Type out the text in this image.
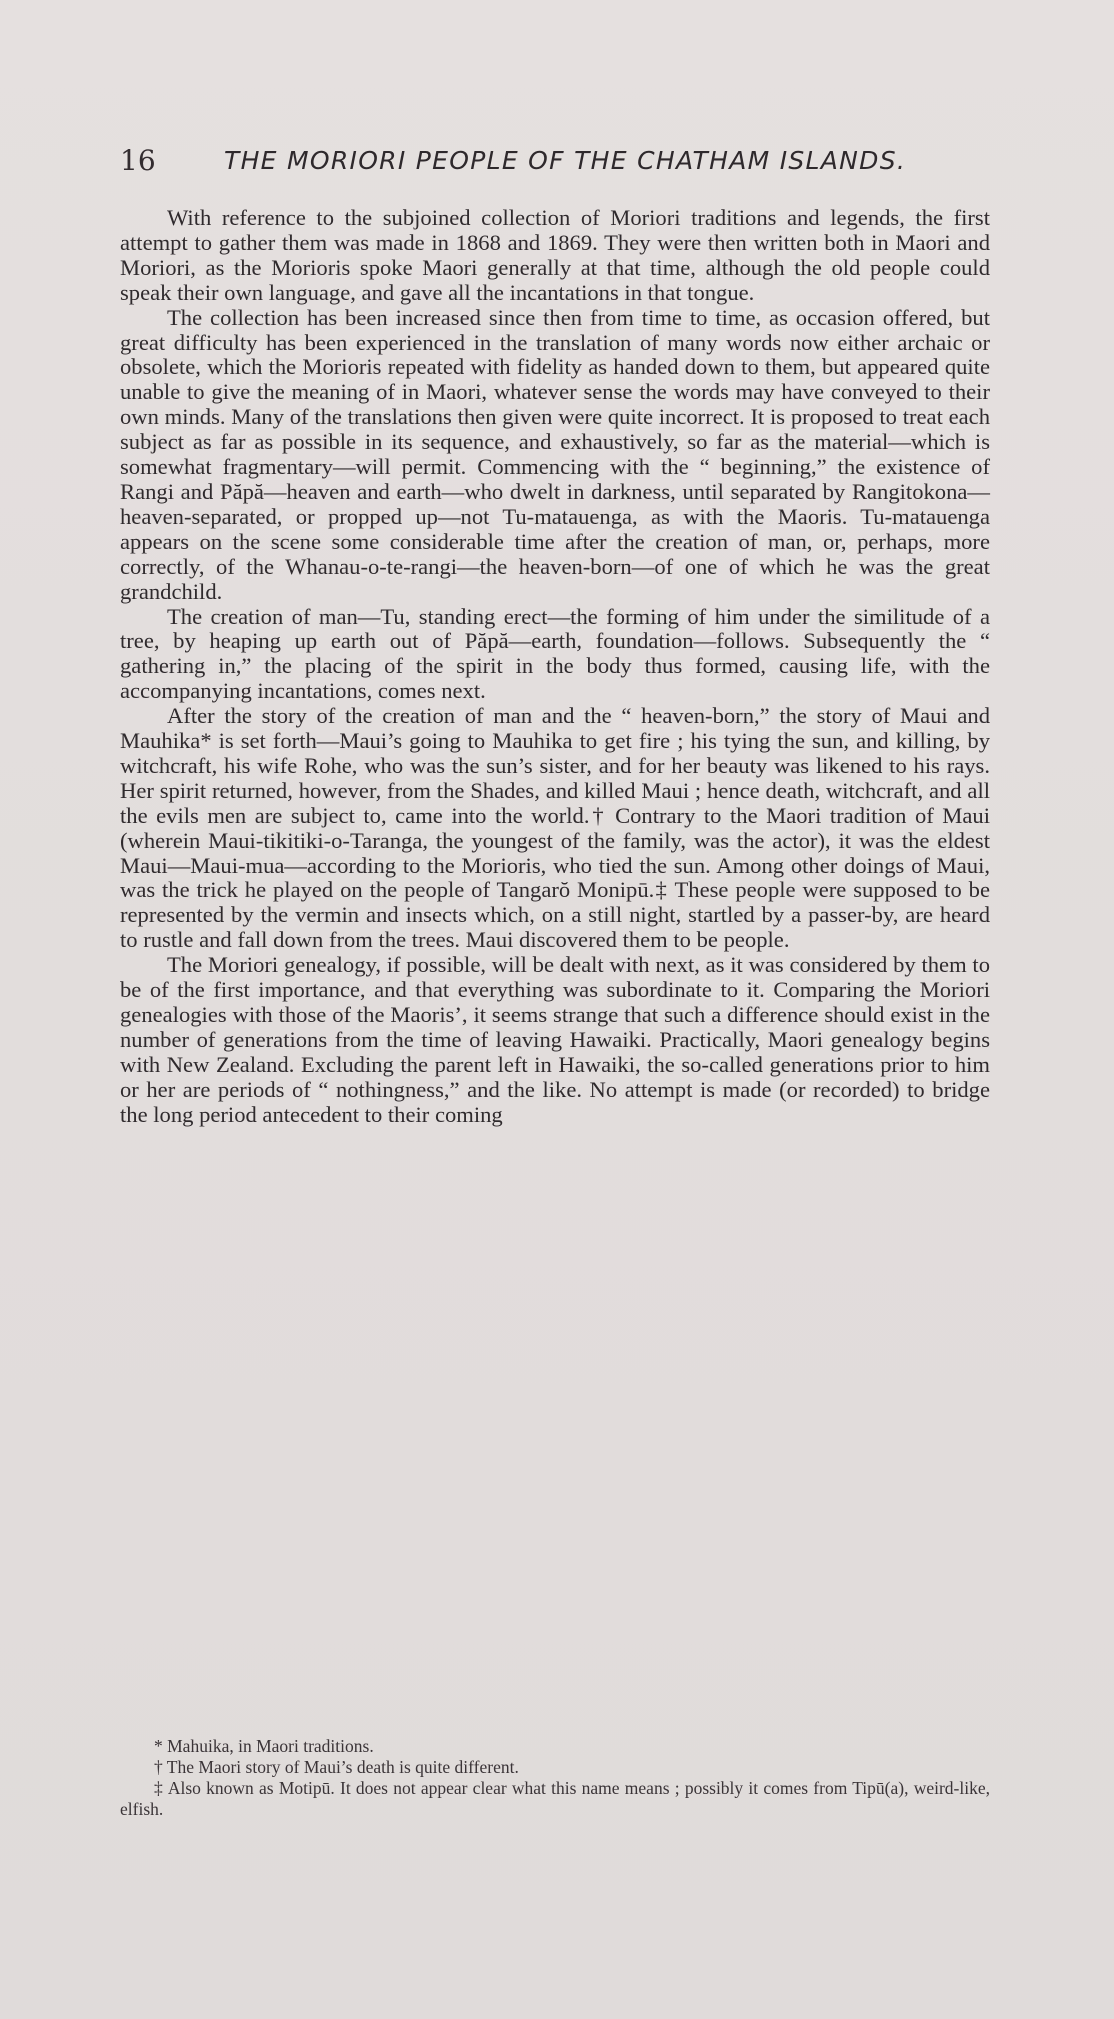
16	THE MORIORI PEOPLE OF THE CHATHAM ISLANDS.

With reference to the subjoined collection of Moriori traditions and legends, the first attempt to gather them was made in 1868 and 1869. They were then written both in Maori and Moriori, as the Morioris spoke Maori generally at that time, although the old people could speak their own language, and gave all the incantations in that tongue.

The collection has been increased since then from time to time, as occasion offered, but great difficulty has been experienced in the translation of many words now either archaic or obsolete, which the Morioris repeated with fidelity as handed down to them, but appeared quite unable to give the meaning of in Maori, whatever sense the words may have conveyed to their own minds. Many of the translations then given were quite incorrect. It is proposed to treat each subject as far as possible in its sequence, and exhaustively, so far as the material—which is somewhat fragmentary—will permit. Commencing with the “ beginning,” the existence of Rangi and Păpă—heaven and earth—who dwelt in darkness, until separated by Rangitokona—heaven-separated, or propped up—not Tu-matauenga, as with the Maoris. Tu-matauenga appears on the scene some considerable time after the creation of man, or, perhaps, more correctly, of the Whanau-o-te-rangi—the heaven-born—of one of which he was the great grandchild.

The creation of man—Tu, standing erect—the forming of him under the similitude of a tree, by heaping up earth out of Păpă—earth, foundation—follows. Subsequently the “ gathering in,” the placing of the spirit in the body thus formed, causing life, with the accompanying incantations, comes next.

After the story of the creation of man and the “ heaven-born,” the story of Maui and Mauhika* is set forth—Maui’s going to Mauhika to get fire ; his tying the sun, and killing, by witchcraft, his wife Rohe, who was the sun’s sister, and for her beauty was likened to his rays. Her spirit returned, however, from the Shades, and killed Maui ; hence death, witchcraft, and all the evils men are subject to, came into the world.† Contrary to the Maori tradition of Maui (wherein Maui-tikitiki-o-Taranga, the youngest of the family, was the actor), it was the eldest Maui—Maui-mua—according to the Morioris, who tied the sun. Among other doings of Maui, was the trick he played on the people of Tangarŏ Monipū.‡ These people were supposed to be represented by the vermin and insects which, on a still night, startled by a passer-by, are heard to rustle and fall down from the trees. Maui discovered them to be people.

The Moriori genealogy, if possible, will be dealt with next, as it was considered by them to be of the first importance, and that everything was subordinate to it. Comparing the Moriori genealogies with those of the Maoris’, it seems strange that such a difference should exist in the number of generations from the time of leaving Hawaiki. Practically, Maori genealogy begins with New Zealand. Excluding the parent left in Hawaiki, the so-called generations prior to him or her are periods of “ nothingness,” and the like. No attempt is made (or recorded) to bridge the long period antecedent to their coming

* Mahuika, in Maori traditions.

† The Maori story of Maui’s death is quite different.

‡ Also known as Motipū. It does not appear clear what this name means ; possibly it comes from Tipū(a), weird-like, elfish.
